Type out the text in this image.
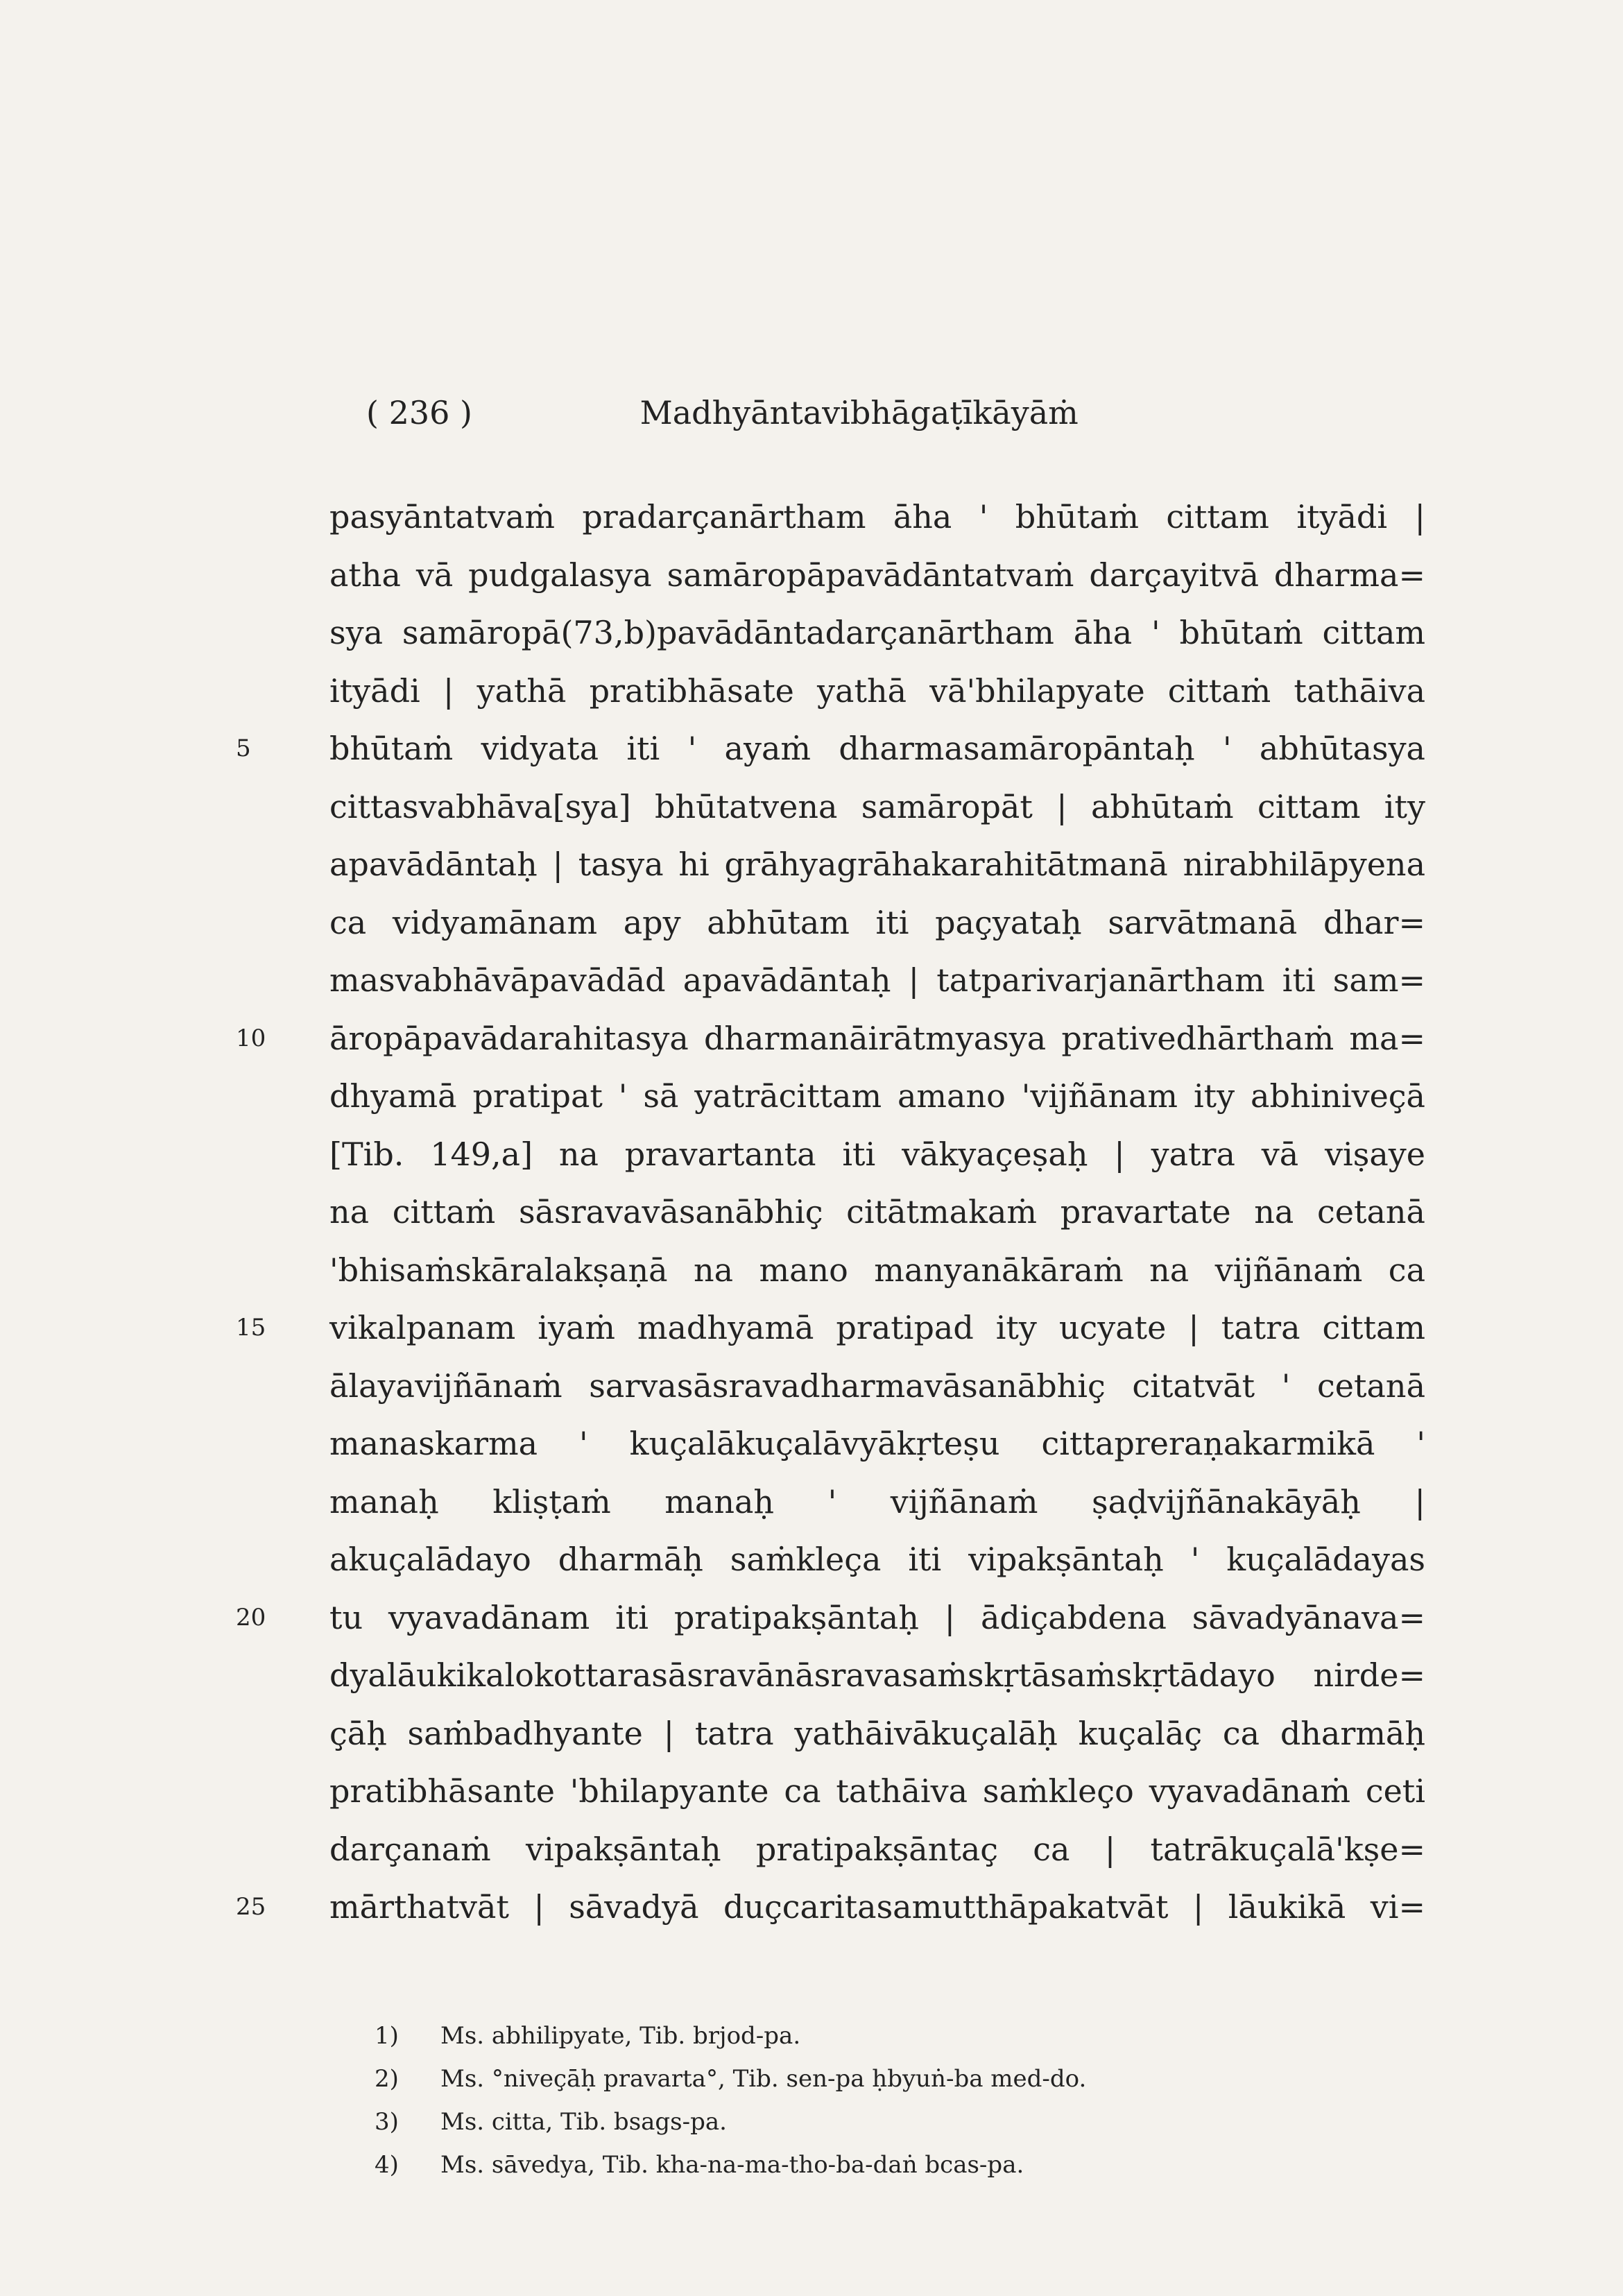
( 236 )	Madhyāntavibhāgaṭīkāyāṁ
pasyāntatvaṁ pradarçanārtham āha ꞌ bhūtaṁ cittam ityādi |
atha vā pudgalasya samāropāpavādāntatvaṁ darçayitvā dharma=
sya samāropā(73,b)pavādāntadarçanārtham āha ꞌ bhūtaṁ cittam
ityādi | yathā pratibhāsate yathā vā'bhilapyate cittaṁ tathāiva
5	bhūtaṁ vidyata iti ꞌ ayaṁ dharmasamāropāntaḥ ꞌ abhūtasya
cittasvabhāva[sya] bhūtatvena samāropāt | abhūtaṁ cittam ity
apavādāntaḥ | tasya hi grāhyagrāhakarahitātmanā nirabhilāpyena
ca vidyamānam apy abhūtam iti paçyataḥ sarvātmanā dhar=
masvabhāvāpavādād apavādāntaḥ | tatparivarjanārtham iti sam=
10	āropāpavādarahitasya dharmanāirātmyasya prativedhārthaṁ ma=
dhyamā pratipat ꞌ sā yatrācittam amano 'vijñānam ity abhiniveçā
[Tib. 149,a] na pravartanta iti vākyaçeṣaḥ | yatra vā viṣaye
na cittaṁ sāsravavāsanābhiç citātmakaṁ pravartate na cetanā
'bhisaṁskāralakṣaṇā na mano manyanākāraṁ na vijñānaṁ ca
15	vikalpanam iyaṁ madhyamā pratipad ity ucyate | tatra cittam
ālayavijñānaṁ sarvasāsravadharmavāsanābhiç citatvāt ꞌ cetanā
manaskarma ꞌ kuçalākuçalāvyākṛteṣu cittapreraṇakarmikā ꞌ
manaḥ kliṣṭaṁ manaḥ ꞌ vijñānaṁ ṣaḍvijñānakāyāḥ |
akuçalādayo dharmāḥ saṁkleça iti vipakṣāntaḥ ꞌ kuçalādayas
20	tu vyavadānam iti pratipakṣāntaḥ | ādiçabdena sāvadyānava=
dyalāukikalokottarasāsravānāsravasaṁskṛtāsaṁskṛtādayo nirde=
çāḥ saṁbadhyante | tatra yathāivākuçalāḥ kuçalāç ca dharmāḥ
pratibhāsante 'bhilapyante ca tathāiva saṁkleço vyavadānaṁ ceti
darçanaṁ vipakṣāntaḥ pratipakṣāntaç ca | tatrākuçalā'kṣe=
25	mārthatvāt | sāvadyā duçcaritasamutthāpakatvāt | lāukikā vi=
1) Ms. abhilipyate, Tib. brjod-pa.
2) Ms. °niveçāḥ pravarta°, Tib. sen-pa ḥbyuṅ-ba med-do.
3) Ms. citta, Tib. bsags-pa.
4) Ms. sāvedya, Tib. kha-na-ma-tho-ba-daṅ bcas-pa.
